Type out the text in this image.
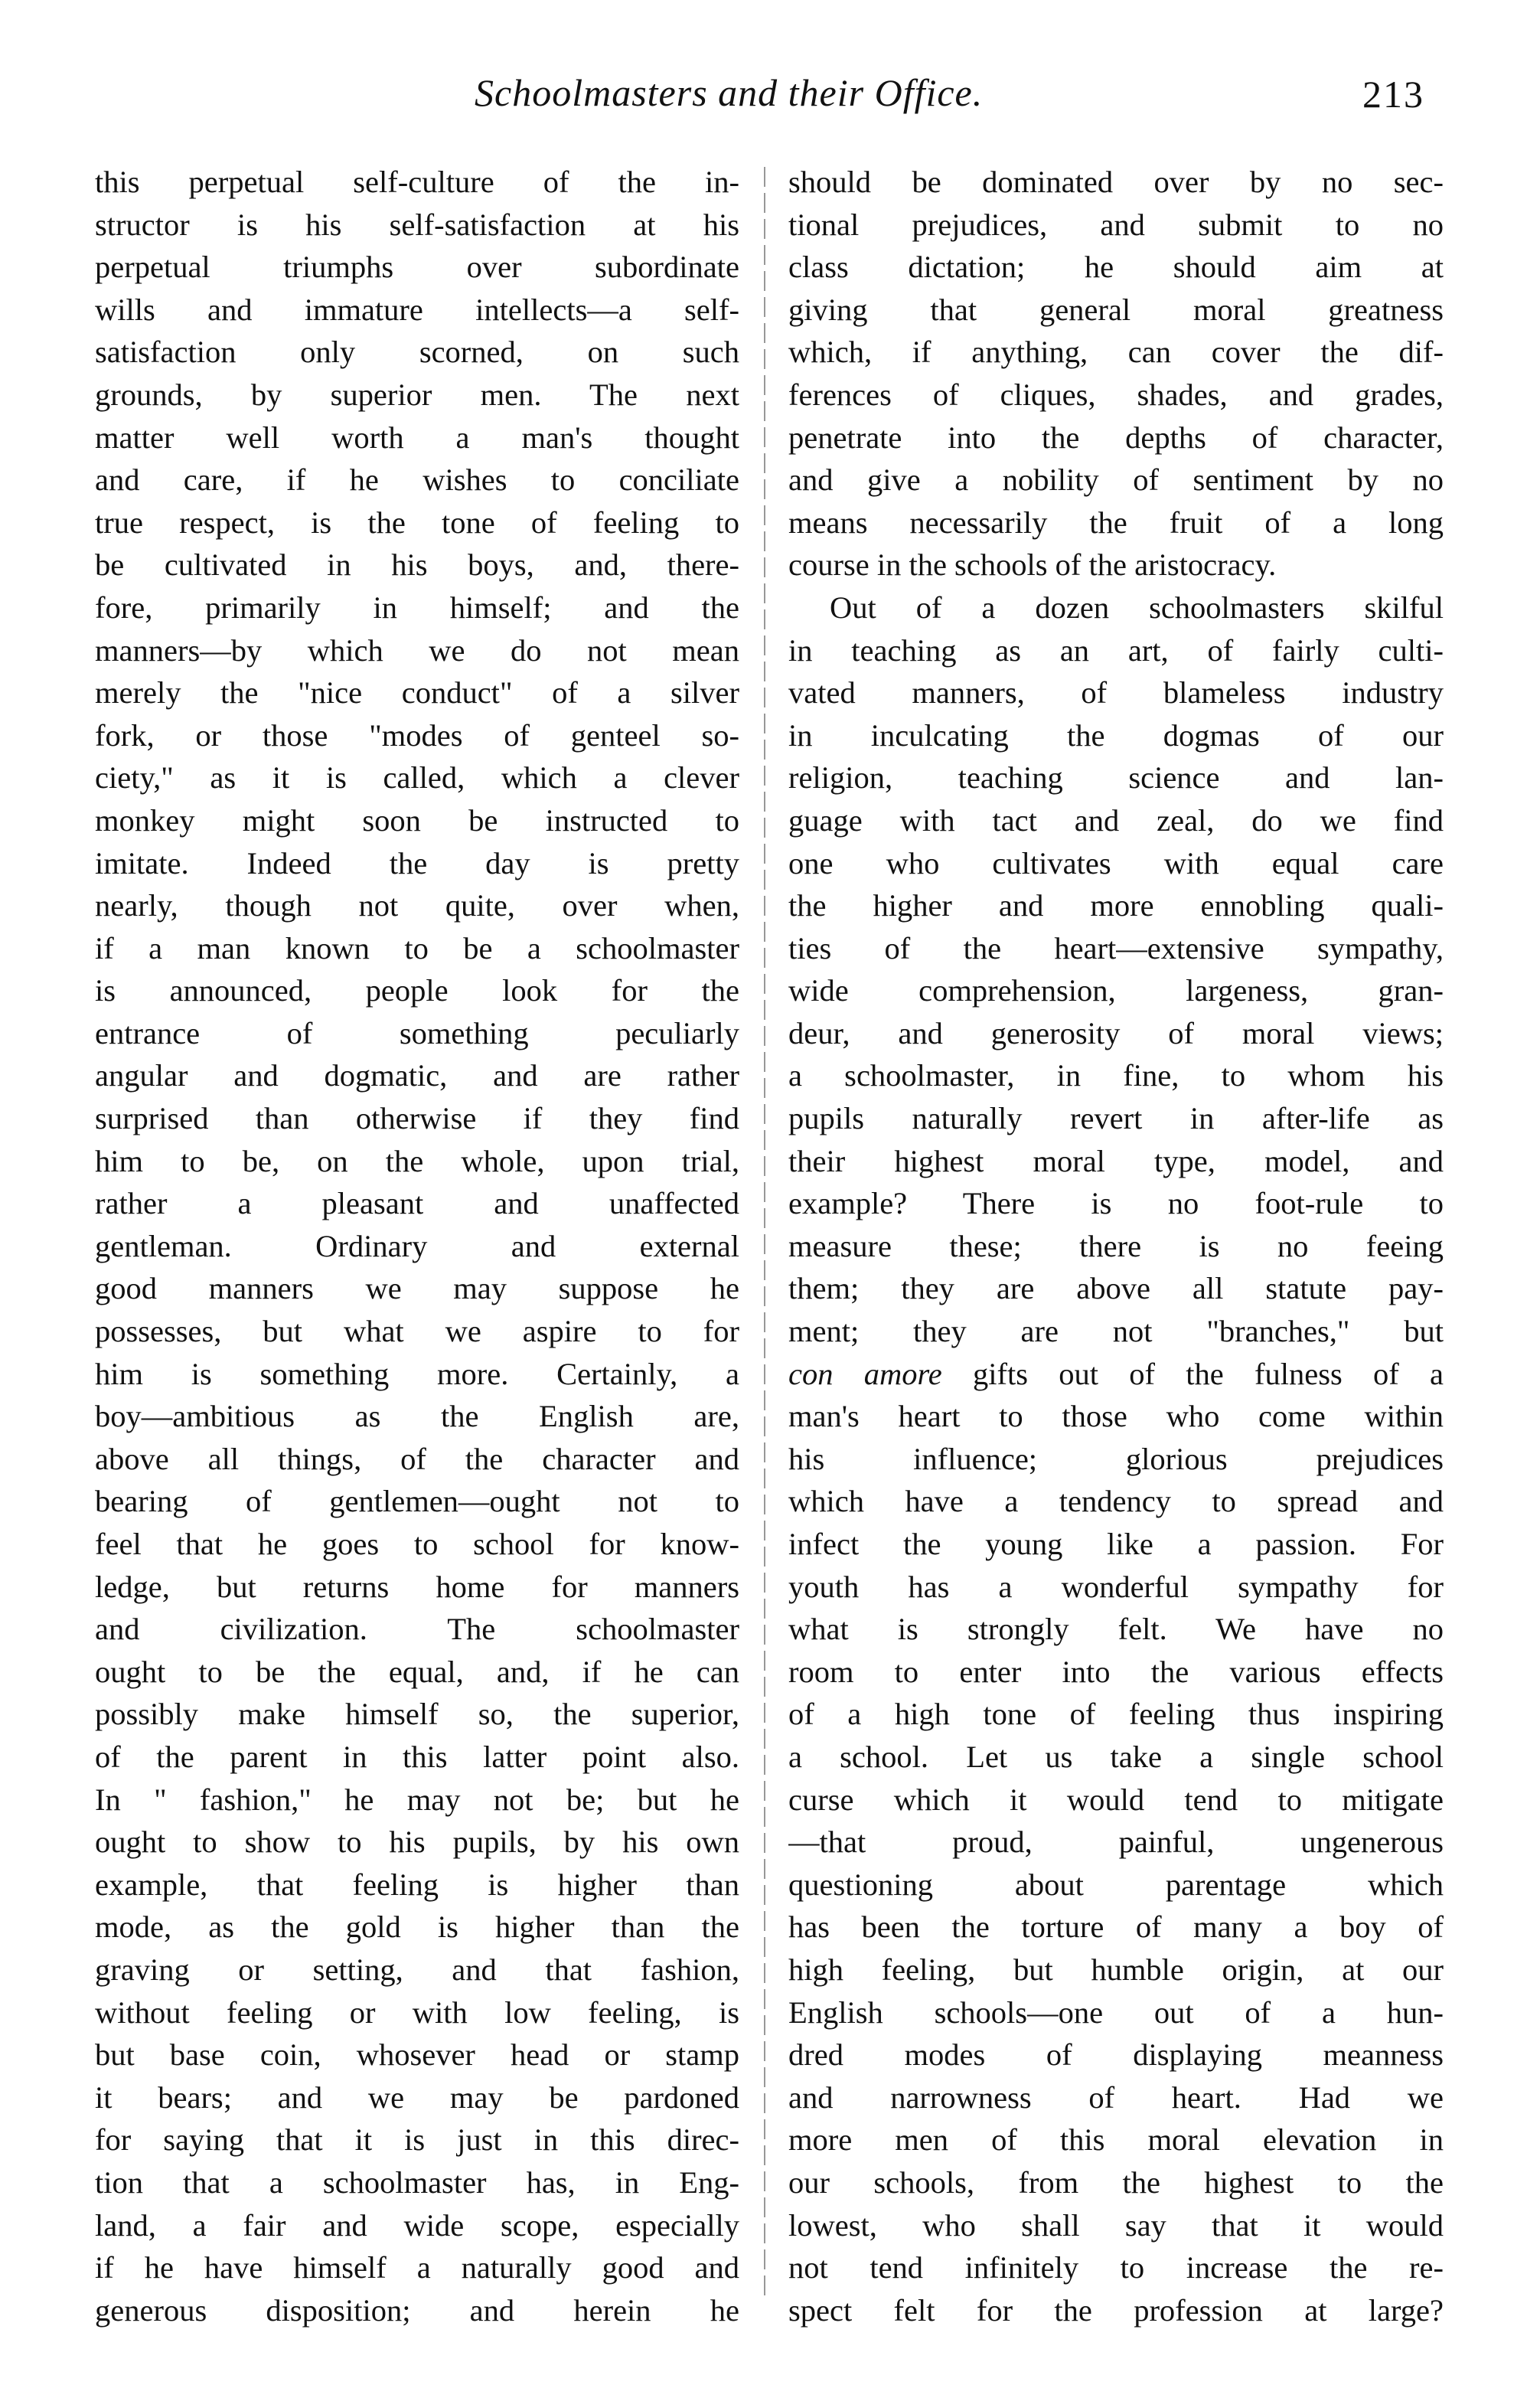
Schoolmasters and their Office.	213
this perpetual self-culture of the in-
structor is his self-satisfaction at his
perpetual triumphs over subordinate
wills and immature intellects—a self-
satisfaction only scorned, on such
grounds, by superior men. The next
matter well worth a man's thought
and care, if he wishes to conciliate
true respect, is the tone of feeling to
be cultivated in his boys, and, there-
fore, primarily in himself; and the
manners—by which we do not mean
merely the "nice conduct" of a silver
fork, or those "modes of genteel so-
ciety," as it is called, which a clever
monkey might soon be instructed to
imitate. Indeed the day is pretty
nearly, though not quite, over when,
if a man known to be a schoolmaster
is announced, people look for the
entrance of something peculiarly
angular and dogmatic, and are rather
surprised than otherwise if they find
him to be, on the whole, upon trial,
rather a pleasant and unaffected
gentleman. Ordinary and external
good manners we may suppose he
possesses, but what we aspire to for
him is something more. Certainly, a
boy—ambitious as the English are,
above all things, of the character and
bearing of gentlemen—ought not to
feel that he goes to school for know-
ledge, but returns home for manners
and civilization. The schoolmaster
ought to be the equal, and, if he can
possibly make himself so, the superior,
of the parent in this latter point also.
In " fashion," he may not be; but he
ought to show to his pupils, by his own
example, that feeling is higher than
mode, as the gold is higher than the
graving or setting, and that fashion,
without feeling or with low feeling, is
but base coin, whosever head or stamp
it bears; and we may be pardoned
for saying that it is just in this direc-
tion that a schoolmaster has, in Eng-
land, a fair and wide scope, especially
if he have himself a naturally good and
generous disposition; and herein he
should be dominated over by no sec-
tional prejudices, and submit to no
class dictation; he should aim at
giving that general moral greatness
which, if anything, can cover the dif-
ferences of cliques, shades, and grades,
penetrate into the depths of character,
and give a nobility of sentiment by no
means necessarily the fruit of a long
course in the schools of the aristocracy.
Out of a dozen schoolmasters skilful
in teaching as an art, of fairly culti-
vated manners, of blameless industry
in inculcating the dogmas of our
religion, teaching science and lan-
guage with tact and zeal, do we find
one who cultivates with equal care
the higher and more ennobling quali-
ties of the heart—extensive sympathy,
wide comprehension, largeness, gran-
deur, and generosity of moral views;
a schoolmaster, in fine, to whom his
pupils naturally revert in after-life as
their highest moral type, model, and
example? There is no foot-rule to
measure these; there is no feeing
them; they are above all statute pay-
ment; they are not "branches," but
con amore gifts out of the fulness of a
man's heart to those who come within
his influence; glorious prejudices
which have a tendency to spread and
infect the young like a passion. For
youth has a wonderful sympathy for
what is strongly felt. We have no
room to enter into the various effects
of a high tone of feeling thus inspiring
a school. Let us take a single school
curse which it would tend to mitigate
—that proud, painful, ungenerous
questioning about parentage which
has been the torture of many a boy of
high feeling, but humble origin, at our
English schools—one out of a hun-
dred modes of displaying meanness
and narrowness of heart. Had we
more men of this moral elevation in
our schools, from the highest to the
lowest, who shall say that it would
not tend infinitely to increase the re-
spect felt for the profession at large?
